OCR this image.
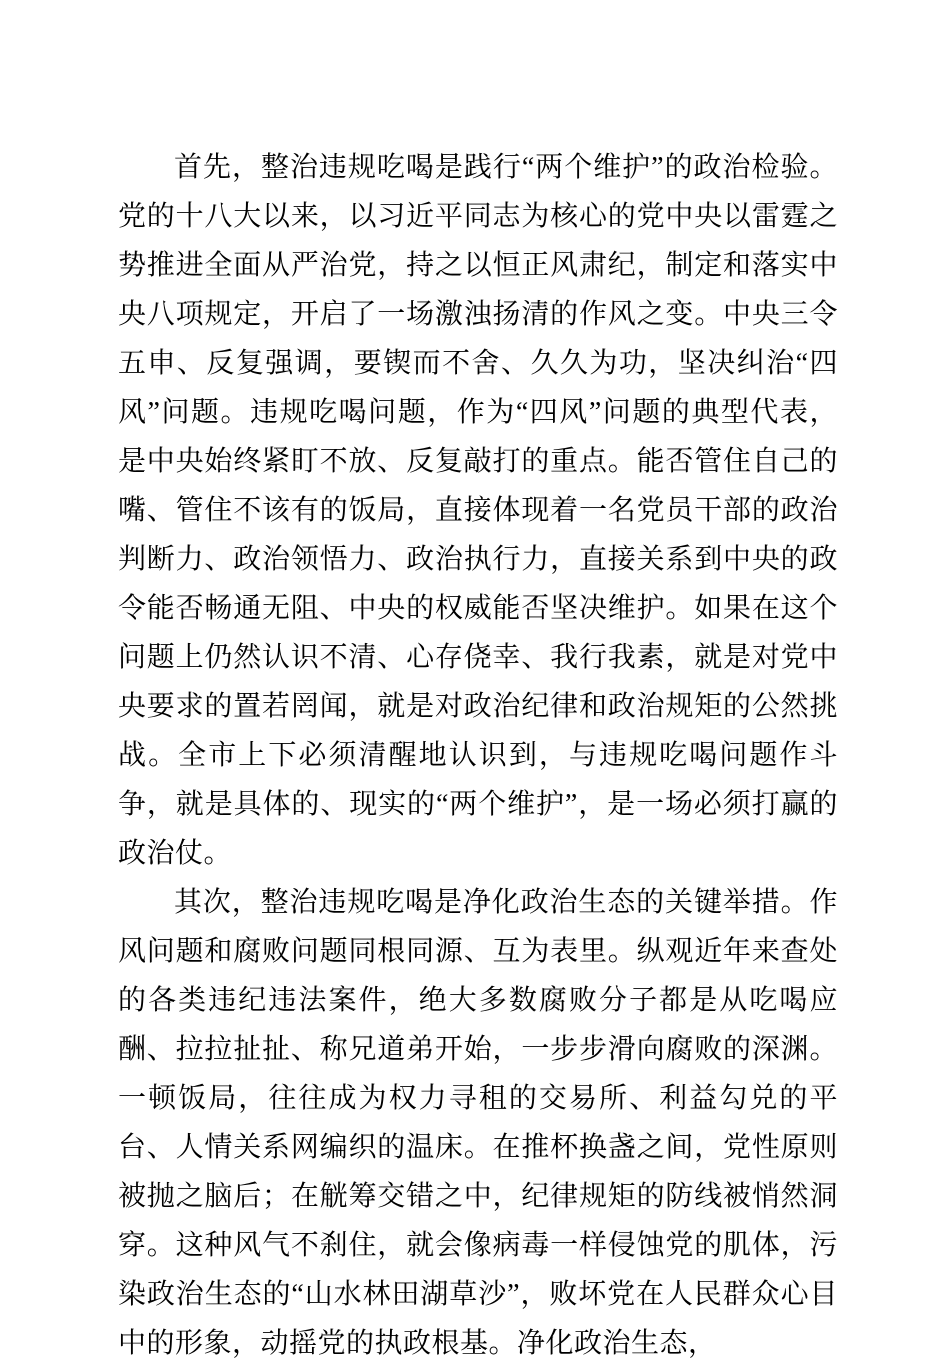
首先，整治违规吃喝是践行“两个维护”的政治检验。党的十八大以来，以习近平同志为核心的党中央以雷霆之势推进全面从严治党，持之以恒正风肃纪，制定和落实中央八项规定，开启了一场激浊扬清的作风之变。中央三令五申、反复强调，要锲而不舍、久久为功，坚决纠治“四风”问题。违规吃喝问题，作为“四风”问题的典型代表，是中央始终紧盯不放、反复敲打的重点。能否管住自己的嘴、管住不该有的饭局，直接体现着一名党员干部的政治判断力、政治领悟力、政治执行力，直接关系到中央的政令能否畅通无阻、中央的权威能否坚决维护。如果在这个问题上仍然认识不清、心存侥幸、我行我素，就是对党中央要求的置若罔闻，就是对政治纪律和政治规矩的公然挑战。全市上下必须清醒地认识到，与违规吃喝问题作斗争，就是具体的、现实的“两个维护”，是一场必须打赢的政治仗。

其次，整治违规吃喝是净化政治生态的关键举措。作风问题和腐败问题同根同源、互为表里。纵观近年来查处的各类违纪违法案件，绝大多数腐败分子都是从吃喝应酬、拉拉扯扯、称兄道弟开始，一步步滑向腐败的深渊。一顿饭局，往往成为权力寻租的交易所、利益勾兑的平台、人情关系网编织的温床。在推杯换盏之间，党性原则被抛之脑后；在觥筹交错之中，纪律规矩的防线被悄然洞穿。这种风气不刹住，就会像病毒一样侵蚀党的肌体，污染政治生态的“山水林田湖草沙”，败坏党在人民群众心目中的形象，动摇党的执政根基。净化政治生态，
